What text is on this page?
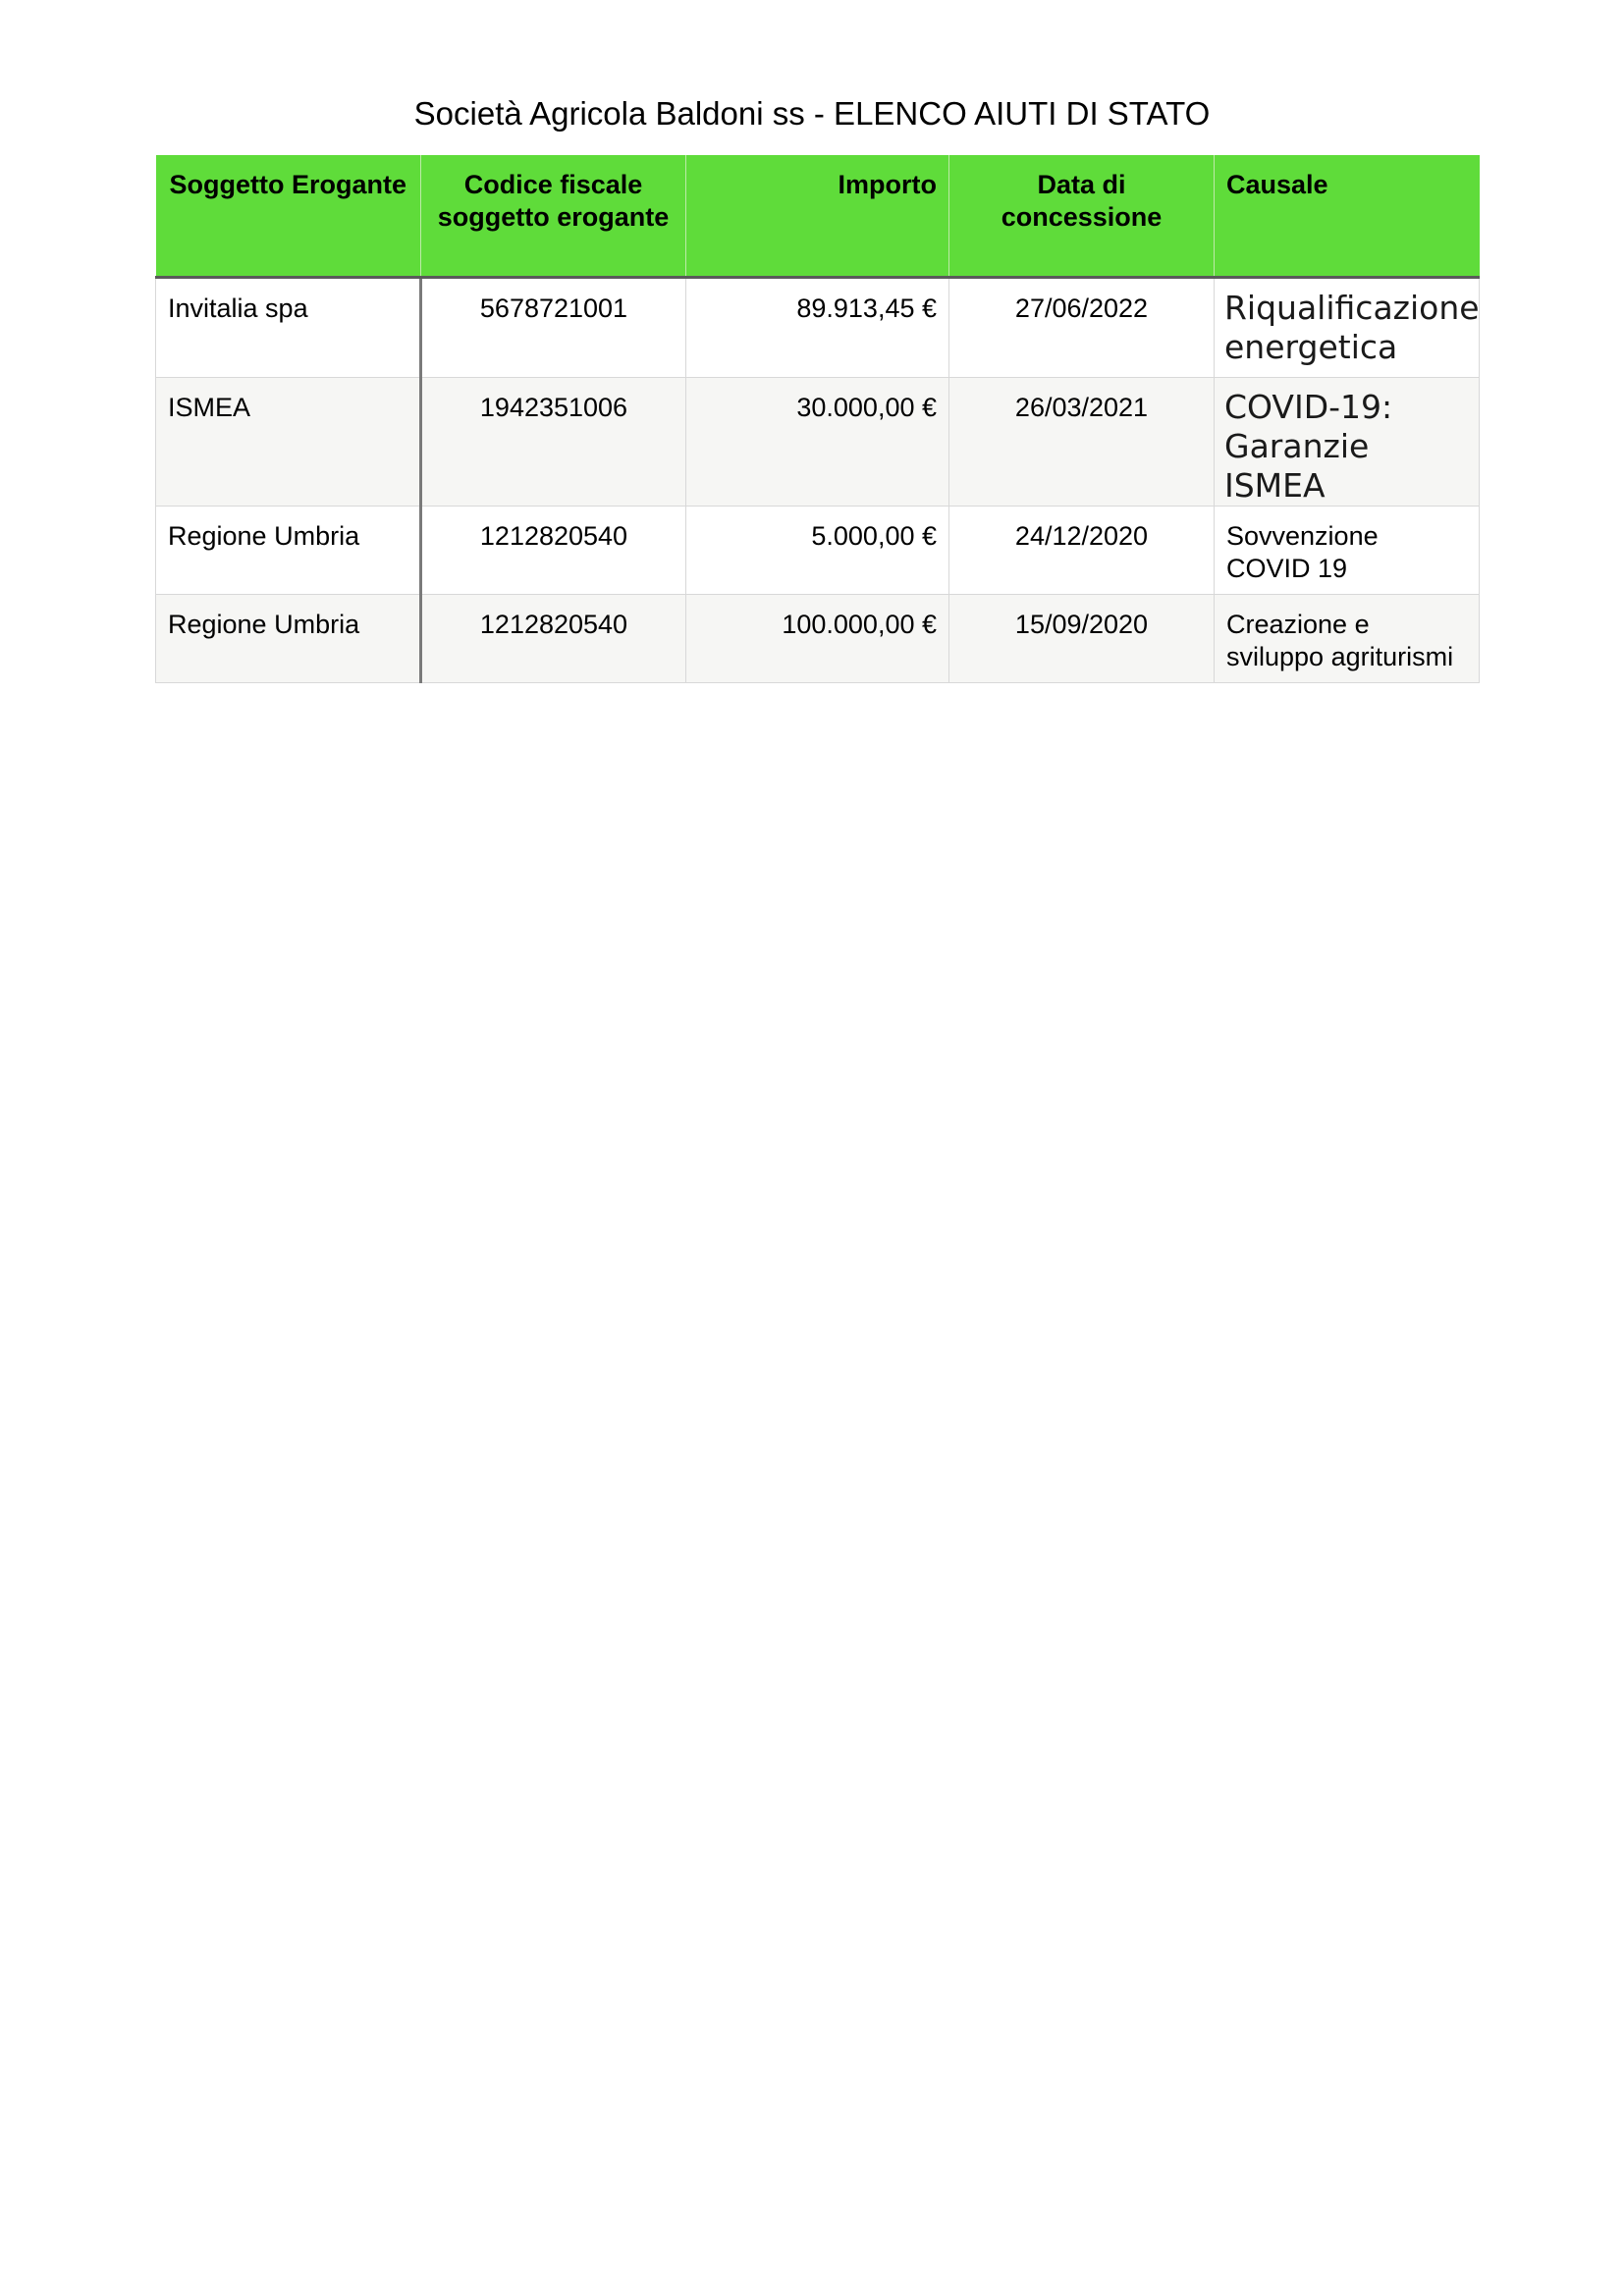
Società Agricola Baldoni ss - ELENCO AIUTI DI STATO
Soggetto Erogante	Codice fiscale soggetto erogante	Importo	Data di concessione	Causale
Invitalia spa	5678721001	89.913,45 €	27/06/2022	Riqualificazione energetica
ISMEA	1942351006	30.000,00 €	26/03/2021	COVID-19: Garanzie ISMEA
Regione Umbria	1212820540	5.000,00 €	24/12/2020	Sovvenzione COVID 19
Regione Umbria	1212820540	100.000,00 €	15/09/2020	Creazione e sviluppo agriturismi
